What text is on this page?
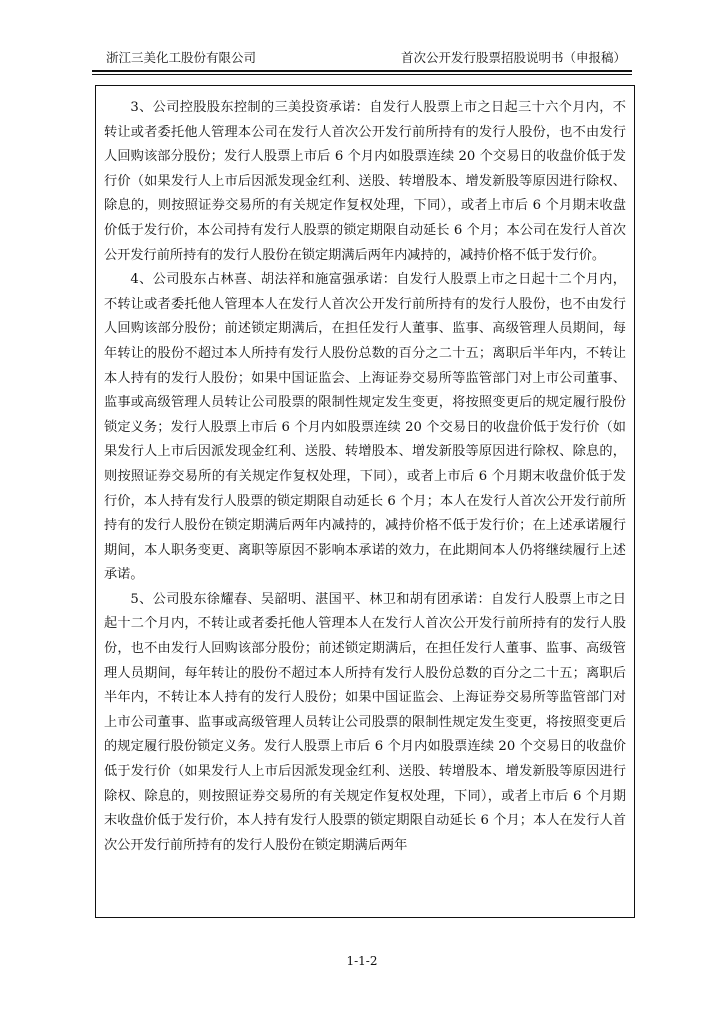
浙江三美化工股份有限公司	首次公开发行股票招股说明书（申报稿）

3、公司控股股东控制的三美投资承诺：自发行人股票上市之日起三十六个月内，不转让或者委托他人管理本公司在发行人首次公开发行前所持有的发行人股份，也不由发行人回购该部分股份；发行人股票上市后 6 个月内如股票连续 20 个交易日的收盘价低于发行价（如果发行人上市后因派发现金红利、送股、转增股本、增发新股等原因进行除权、除息的，则按照证券交易所的有关规定作复权处理，下同），或者上市后 6 个月期末收盘价低于发行价，本公司持有发行人股票的锁定期限自动延长 6 个月；本公司在发行人首次公开发行前所持有的发行人股份在锁定期满后两年内减持的，减持价格不低于发行价。

4、公司股东占林喜、胡法祥和施富强承诺：自发行人股票上市之日起十二个月内，不转让或者委托他人管理本人在发行人首次公开发行前所持有的发行人股份，也不由发行人回购该部分股份；前述锁定期满后，在担任发行人董事、监事、高级管理人员期间，每年转让的股份不超过本人所持有发行人股份总数的百分之二十五；离职后半年内，不转让本人持有的发行人股份；如果中国证监会、上海证券交易所等监管部门对上市公司董事、监事或高级管理人员转让公司股票的限制性规定发生变更，将按照变更后的规定履行股份锁定义务；发行人股票上市后 6 个月内如股票连续 20 个交易日的收盘价低于发行价（如果发行人上市后因派发现金红利、送股、转增股本、增发新股等原因进行除权、除息的，则按照证券交易所的有关规定作复权处理，下同），或者上市后 6 个月期末收盘价低于发行价，本人持有发行人股票的锁定期限自动延长 6 个月；本人在发行人首次公开发行前所持有的发行人股份在锁定期满后两年内减持的，减持价格不低于发行价；在上述承诺履行期间，本人职务变更、离职等原因不影响本承诺的效力，在此期间本人仍将继续履行上述承诺。

5、公司股东徐耀春、吴韶明、湛国平、林卫和胡有团承诺：自发行人股票上市之日起十二个月内，不转让或者委托他人管理本人在发行人首次公开发行前所持有的发行人股份，也不由发行人回购该部分股份；前述锁定期满后，在担任发行人董事、监事、高级管理人员期间，每年转让的股份不超过本人所持有发行人股份总数的百分之二十五；离职后半年内，不转让本人持有的发行人股份；如果中国证监会、上海证券交易所等监管部门对上市公司董事、监事或高级管理人员转让公司股票的限制性规定发生变更，将按照变更后的规定履行股份锁定义务。发行人股票上市后 6 个月内如股票连续 20 个交易日的收盘价低于发行价（如果发行人上市后因派发现金红利、送股、转增股本、增发新股等原因进行除权、除息的，则按照证券交易所的有关规定作复权处理，下同），或者上市后 6 个月期末收盘价低于发行价，本人持有发行人股票的锁定期限自动延长 6 个月；本人在发行人首次公开发行前所持有的发行人股份在锁定期满后两年

1-1-2
